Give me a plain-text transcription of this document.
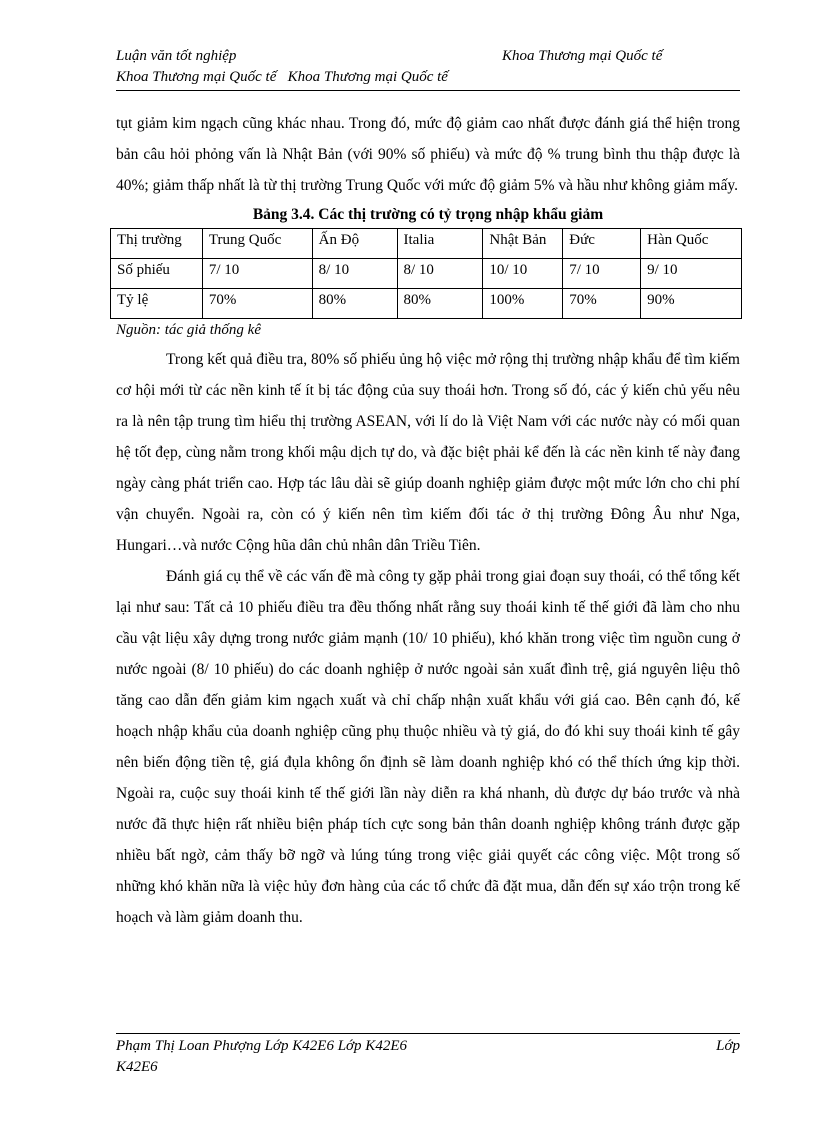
Luận văn tốt nghiệp	Khoa Thương mại Quốc tế
Khoa Thương mại Quốc tế   Khoa Thương mại Quốc tế

tụt giảm kim ngạch cũng khác nhau. Trong đó, mức độ giảm cao nhất được đánh giá thể hiện trong bản câu hỏi phỏng vấn là Nhật Bản (với 90% số phiếu) và mức độ % trung bình thu thập được là 40%; giảm thấp nhất là từ thị trường Trung Quốc với mức độ giảm 5% và hầu như không giảm mấy.

Bảng 3.4. Các thị trường có tỷ trọng nhập khẩu giảm
Thị trường	Trung Quốc	Ấn Độ	Italia	Nhật Bản	Đức	Hàn Quốc
Số phiếu	7/ 10	8/ 10	8/ 10	10/ 10	7/ 10	9/ 10
Tỷ lệ	70%	80%	80%	100%	70%	90%
Nguồn: tác giả thống kê

Trong kết quả điều tra, 80% số phiếu ủng hộ việc mở rộng thị trường nhập khẩu để tìm kiếm cơ hội mới từ các nền kinh tế ít bị tác động của suy thoái hơn. Trong số đó, các ý kiến chủ yếu nêu ra là nên tập trung tìm hiểu thị trường ASEAN, với lí do là Việt Nam với các nước này có mối quan hệ tốt đẹp, cùng nằm trong khối mậu dịch tự do, và đặc biệt phải kể đến là các nền kinh tế này đang ngày càng phát triển cao. Hợp tác lâu dài sẽ giúp doanh nghiệp giảm được một mức lớn cho chi phí vận chuyển. Ngoài ra, còn có ý kiến nên tìm kiếm đối tác ở thị trường Đông Âu như Nga, Hungari…và nước Cộng hũa dân chủ nhân dân Triều Tiên.

Đánh giá cụ thể về các vấn đề mà công ty gặp phải trong giai đoạn suy thoái, có thể tổng kết lại như sau: Tất cả 10 phiếu điều tra đều thống nhất rằng suy thoái kinh tế thế giới đã làm cho nhu cầu vật liệu xây dựng trong nước giảm mạnh (10/ 10 phiếu), khó khăn trong việc tìm nguồn cung ở nước ngoài (8/ 10 phiếu) do các doanh nghiệp ở nước ngoài sản xuất đình trệ, giá nguyên liệu thô tăng cao dẫn đến giảm kim ngạch xuất và chỉ chấp nhận xuất khẩu với giá cao. Bên cạnh đó, kế hoạch nhập khẩu của doanh nghiệp cũng phụ thuộc nhiều và tỷ giá, do đó khi suy thoái kinh tế gây nên biến động tiền tệ, giá đụla không ổn định sẽ làm doanh nghiệp khó có thể thích ứng kịp thời. Ngoài ra, cuộc suy thoái kinh tế thế giới lần này diễn ra khá nhanh, dù được dự báo trước và nhà nước đã thực hiện rất nhiều biện pháp tích cực song bản thân doanh nghiệp không tránh được gặp nhiều bất ngờ, cảm thấy bỡ ngỡ và lúng túng trong việc giải quyết các công việc. Một trong số những khó khăn nữa là việc hủy đơn hàng của các tổ chức đã đặt mua, dẫn đến sự xáo trộn trong kế hoạch và làm giảm doanh thu.

Phạm Thị Loan Phượng Lớp K42E6 Lớp K42E6	Lớp
K42E6
